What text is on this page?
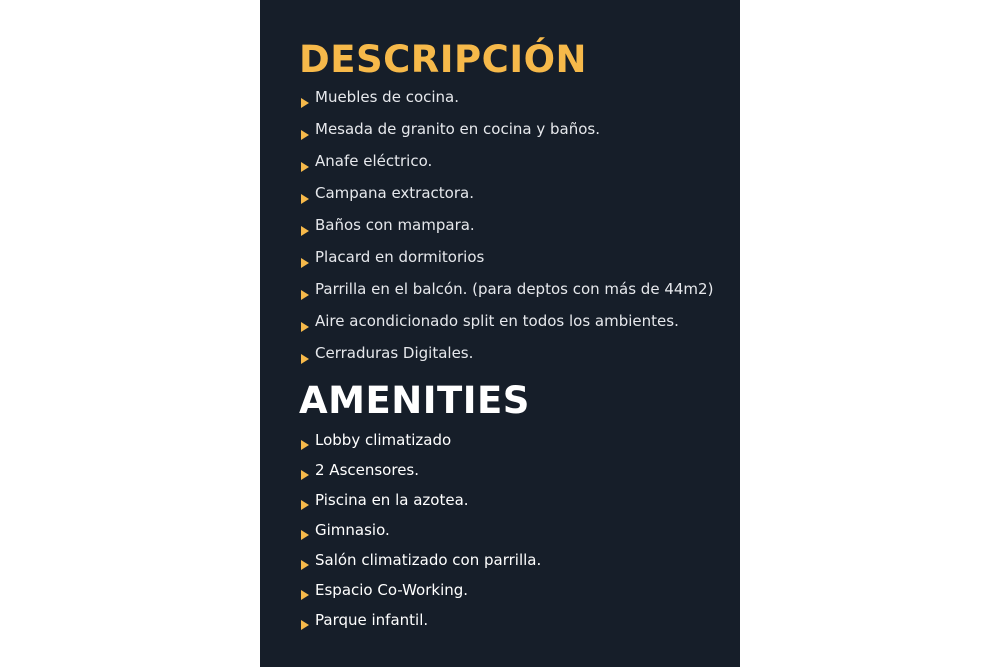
DESCRIPCIÓN
Muebles de cocina.
Mesada de granito en cocina y baños.
Anafe eléctrico.
Campana extractora.
Baños con mampara.
Placard en dormitorios
Parrilla en el balcón. (para deptos con más de 44m2)
Aire acondicionado split en todos los ambientes.
Cerraduras Digitales.
AMENITIES
Lobby climatizado
2 Ascensores.
Piscina en la azotea.
Gimnasio.
Salón climatizado con parrilla.
Espacio Co-Working.
Parque infantil.
